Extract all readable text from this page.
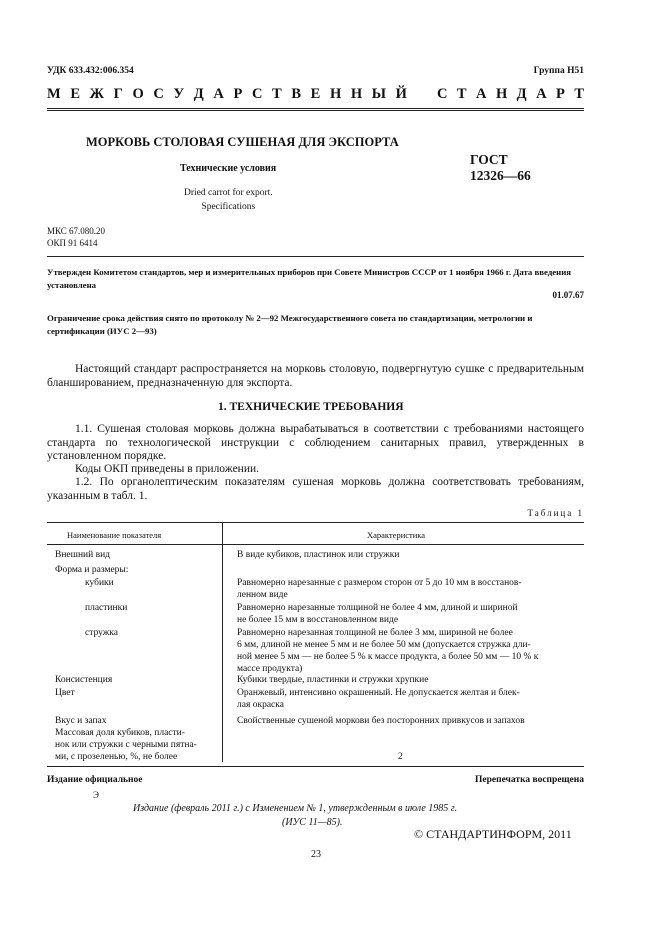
УДК 633.432:006.354	Группа Н51
М Е Ж Г О С У Д А Р С Т В Е Н Н Ы Й С Т А Н Д А Р Т
МОРКОВЬ СТОЛОВАЯ СУШЕНАЯ ДЛЯ ЭКСПОРТА
Технические условия
ГОСТ
12326—66
Dried carrot for export.
Specifications
МКС 67.080.20
ОКП 91 6414
Утвержден Комитетом стандартов, мер и измерительных приборов при Совете Министров СССР от 1 ноября 1966 г. Дата введения установлена
01.07.67
Ограничение срока действия снято по протоколу № 2—92 Межгосударственного совета по стандартизации, метрологии и сертификации (ИУС 2—93)
Настоящий стандарт распространяется на морковь столовую, подвергнутую сушке с предварительным бланшированием, предназначенную для экспорта.
1. ТЕХНИЧЕСКИЕ ТРЕБОВАНИЯ
1.1. Сушеная столовая морковь должна вырабатываться в соответствии с требованиями настоящего стандарта по технологической инструкции с соблюдением санитарных правил, утвержденных в установленном порядке.
Коды ОКП приведены в приложении.
1.2. По органолептическим показателям сушеная морковь должна соответствовать требованиям, указанным в табл. 1.
Таблица 1
Наименование показателя	Характеристика
Внешний вид	В виде кубиков, пластинок или стружки
Форма и размеры:
кубики	Равномерно нарезанные с размером сторон от 5 до 10 мм в восстанов-
ленном виде
пластинки	Равномерно нарезанные толщиной не более 4 мм, длиной и шириной
не более 15 мм в восстановленном виде
стружка	Равномерно нарезанная толщиной не более 3 мм, шириной не более
6 мм, длиной не менее 5 мм и не более 50 мм (допускается стружка дли-
ной менее 5 мм — не более 5 % к массе продукта, а более 50 мм — 10 % к
массе продукта)
Консистенция	Кубики твердые, пластинки и стружки хрупкие
Цвет	Оранжевый, интенсивно окрашенный. Не допускается желтая и блек-
лая окраска
Вкус и запах	Свойственные сушеной моркови без посторонних привкусов и запахов
Массовая доля кубиков, пласти-
нок или стружки с черными пятна-
ми, с прозеленью, %, не более

	2
Издание официальное	Перепечатка воспрещена
Э
Издание (февраль 2011 г.) с Изменением № 1, утвержденным в июле 1985 г.
(ИУС 11—85).
© СТАНДАРТИНФОРМ, 2011
23
